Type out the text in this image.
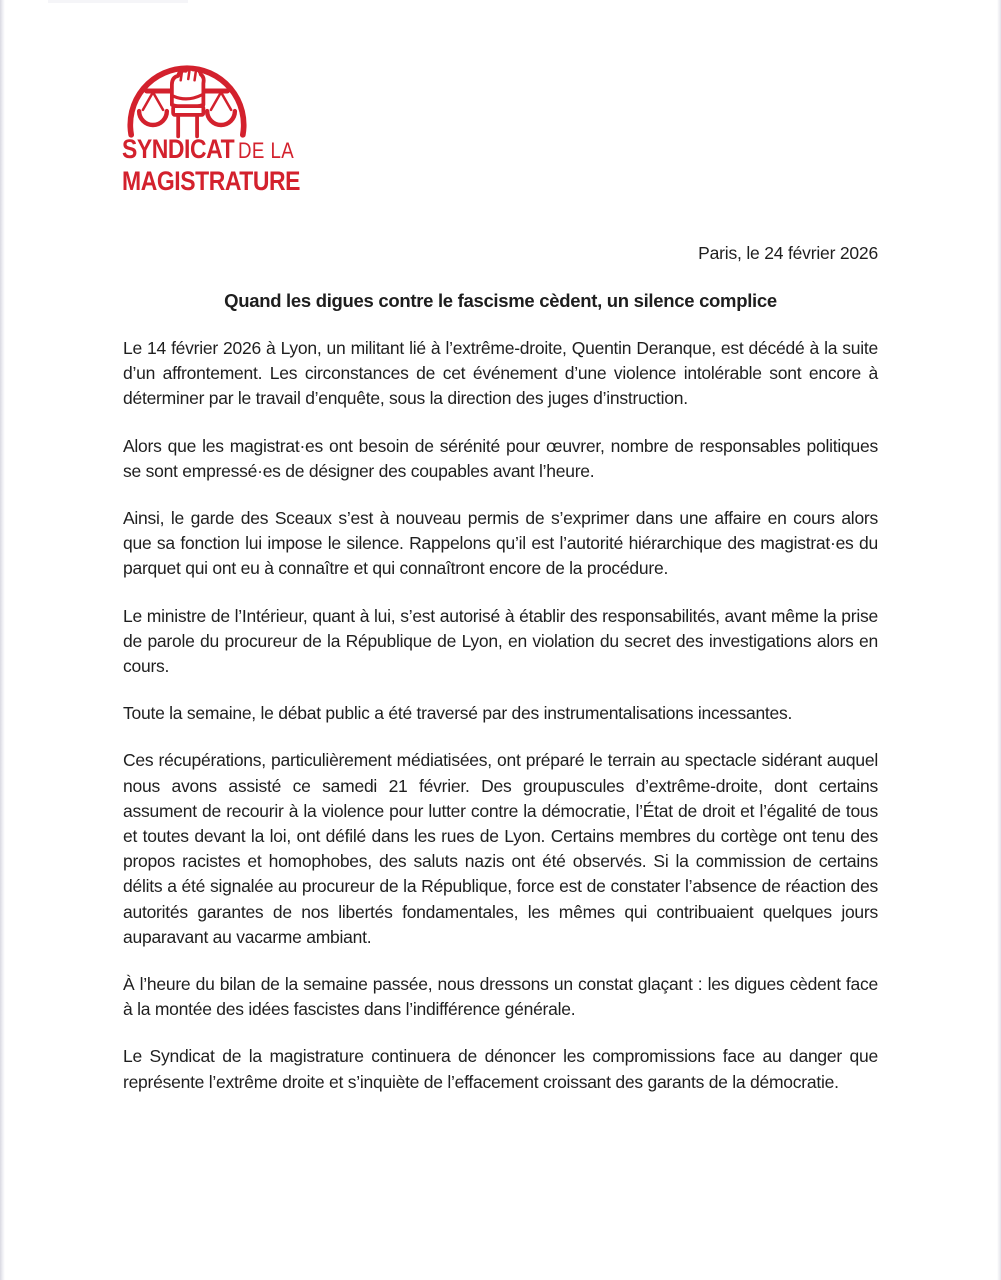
SYNDICAT DE LA
MAGISTRATURE
Paris, le 24 février 2026
Quand les digues contre le fascisme cèdent, un silence complice

Le 14 février 2026 à Lyon, un militant lié à l’extrême-droite, Quentin Deranque, est décédé à la suite d’un affrontement. Les circonstances de cet événement d’une violence intolérable sont encore à déterminer par le travail d’enquête, sous la direction des juges d’instruction.

Alors que les magistrat·es ont besoin de sérénité pour œuvrer, nombre de responsables politiques se sont empressé·es de désigner des coupables avant l’heure.

Ainsi, le garde des Sceaux s’est à nouveau permis de s’exprimer dans une affaire en cours alors que sa fonction lui impose le silence. Rappelons qu’il est l’autorité hiérarchique des magistrat·es du parquet qui ont eu à connaître et qui connaîtront encore de la procédure.

Le ministre de l’Intérieur, quant à lui, s’est autorisé à établir des responsabilités, avant même la prise de parole du procureur de la République de Lyon, en violation du secret des investigations alors en cours.

Toute la semaine, le débat public a été traversé par des instrumentalisations incessantes.

Ces récupérations, particulièrement médiatisées, ont préparé le terrain au spectacle sidérant auquel nous avons assisté ce samedi 21 février. Des groupuscules d’extrême-droite, dont certains assument de recourir à la violence pour lutter contre la démocratie, l’État de droit et l’égalité de tous et toutes devant la loi, ont défilé dans les rues de Lyon. Certains membres du cortège ont tenu des propos racistes et homophobes, des saluts nazis ont été observés. Si la commission de certains délits a été signalée au procureur de la République, force est de constater l’absence de réaction des autorités garantes de nos libertés fondamentales, les mêmes qui contribuaient quelques jours auparavant au vacarme ambiant.

À l’heure du bilan de la semaine passée, nous dressons un constat glaçant : les digues cèdent face à la montée des idées fascistes dans l’indifférence générale.

Le Syndicat de la magistrature continuera de dénoncer les compromissions face au danger que représente l’extrême droite et s’inquiète de l’effacement croissant des garants de la démocratie.
